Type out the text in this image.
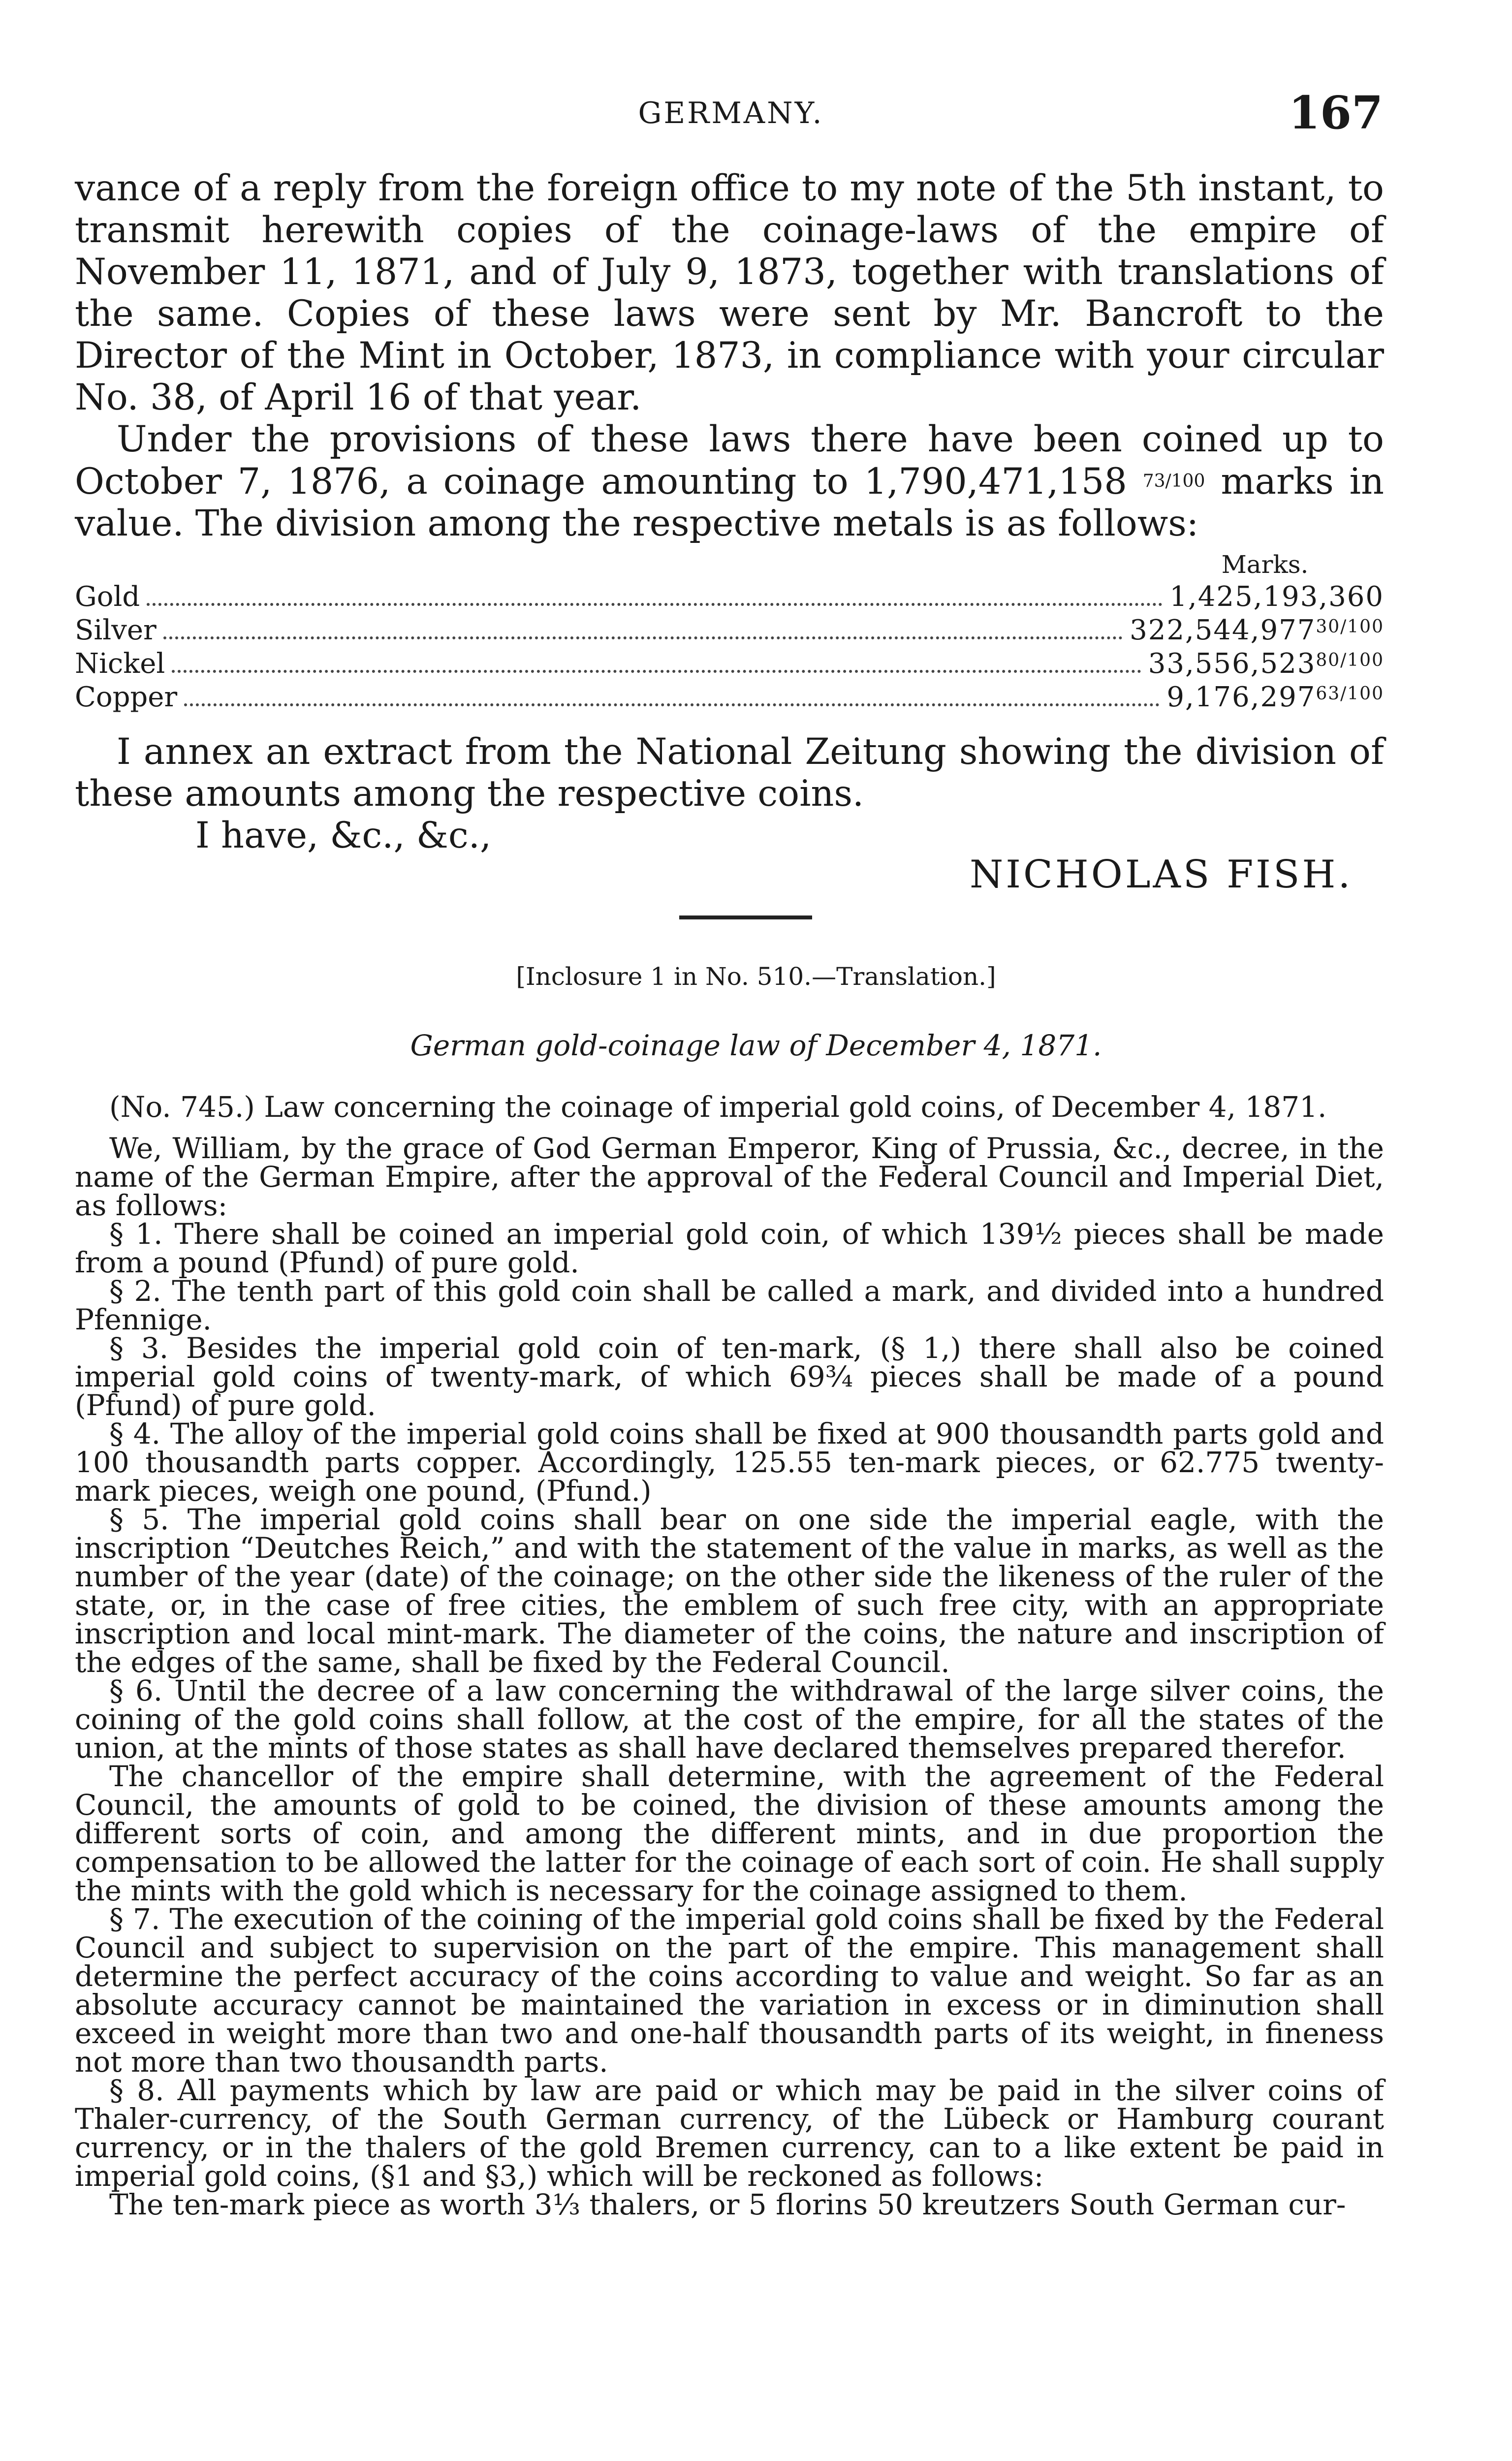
GERMANY.	167

vance of a reply from the foreign office to my note of the 5th instant, to transmit herewith copies of the coinage-laws of the empire of November 11, 1871, and of July 9, 1873, together with translations of the same. Copies of these laws were sent by Mr. Bancroft to the Director of the Mint in October, 1873, in compliance with your circular No. 38, of April 16 of that year.

Under the provisions of these laws there have been coined up to October 7, 1876, a coinage amounting to 1,790,471,158 73/100 marks in value. The division among the respective metals is as follows:

Marks.
Gold	1,425,193,360
Silver	$322,544,977^{30/100}$
Nickel	$33,556,523^{80/100}$
Copper	$9,176,297^{63/100}$

I annex an extract from the National Zeitung showing the division of these amounts among the respective coins.

I have, &c., &c.,

NICHOLAS FISH.
[Inclosure 1 in No. 510.—Translation.]
German gold-coinage law of December 4, 1871.

(No. 745.) Law concerning the coinage of imperial gold coins, of December 4, 1871.

We, William, by the grace of God German Emperor, King of Prussia, &c., decree, in the name of the German Empire, after the approval of the Federal Council and Imperial Diet, as follows:

§ 1. There shall be coined an imperial gold coin, of which 139½ pieces shall be made from a pound (Pfund) of pure gold.

§ 2. The tenth part of this gold coin shall be called a mark, and divided into a hundred Pfennige.

§ 3. Besides the imperial gold coin of ten-mark, (§ 1,) there shall also be coined imperial gold coins of twenty-mark, of which 69¾ pieces shall be made of a pound (Pfund) of pure gold.

§ 4. The alloy of the imperial gold coins shall be fixed at 900 thousandth parts gold and 100 thousandth parts copper. Accordingly, 125.55 ten-mark pieces, or 62.775 twenty-mark pieces, weigh one pound, (Pfund.)

§ 5. The imperial gold coins shall bear on one side the imperial eagle, with the inscription “Deutches Reich,” and with the statement of the value in marks, as well as the number of the year (date) of the coinage; on the other side the likeness of the ruler of the state, or, in the case of free cities, the emblem of such free city, with an appropriate inscription and local mint-mark. The diameter of the coins, the nature and inscription of the edges of the same, shall be fixed by the Federal Council.

§ 6. Until the decree of a law concerning the withdrawal of the large silver coins, the coining of the gold coins shall follow, at the cost of the empire, for all the states of the union, at the mints of those states as shall have declared themselves prepared therefor.

The chancellor of the empire shall determine, with the agreement of the Federal Council, the amounts of gold to be coined, the division of these amounts among the different sorts of coin, and among the different mints, and in due proportion the compensation to be allowed the latter for the coinage of each sort of coin. He shall supply the mints with the gold which is necessary for the coinage assigned to them.

§ 7. The execution of the coining of the imperial gold coins shall be fixed by the Federal Council and subject to supervision on the part of the empire. This management shall determine the perfect accuracy of the coins according to value and weight. So far as an absolute accuracy cannot be maintained the variation in excess or in diminution shall exceed in weight more than two and one-half thousandth parts of its weight, in fineness not more than two thousandth parts.

§ 8. All payments which by law are paid or which may be paid in the silver coins of Thaler-currency, of the South German currency, of the Lübeck or Hamburg courant currency, or in the thalers of the gold Bremen currency, can to a like extent be paid in imperial gold coins, (§1 and §3,) which will be reckoned as follows:

The ten-mark piece as worth 3⅓ thalers, or 5 florins 50 kreutzers South German cur-
